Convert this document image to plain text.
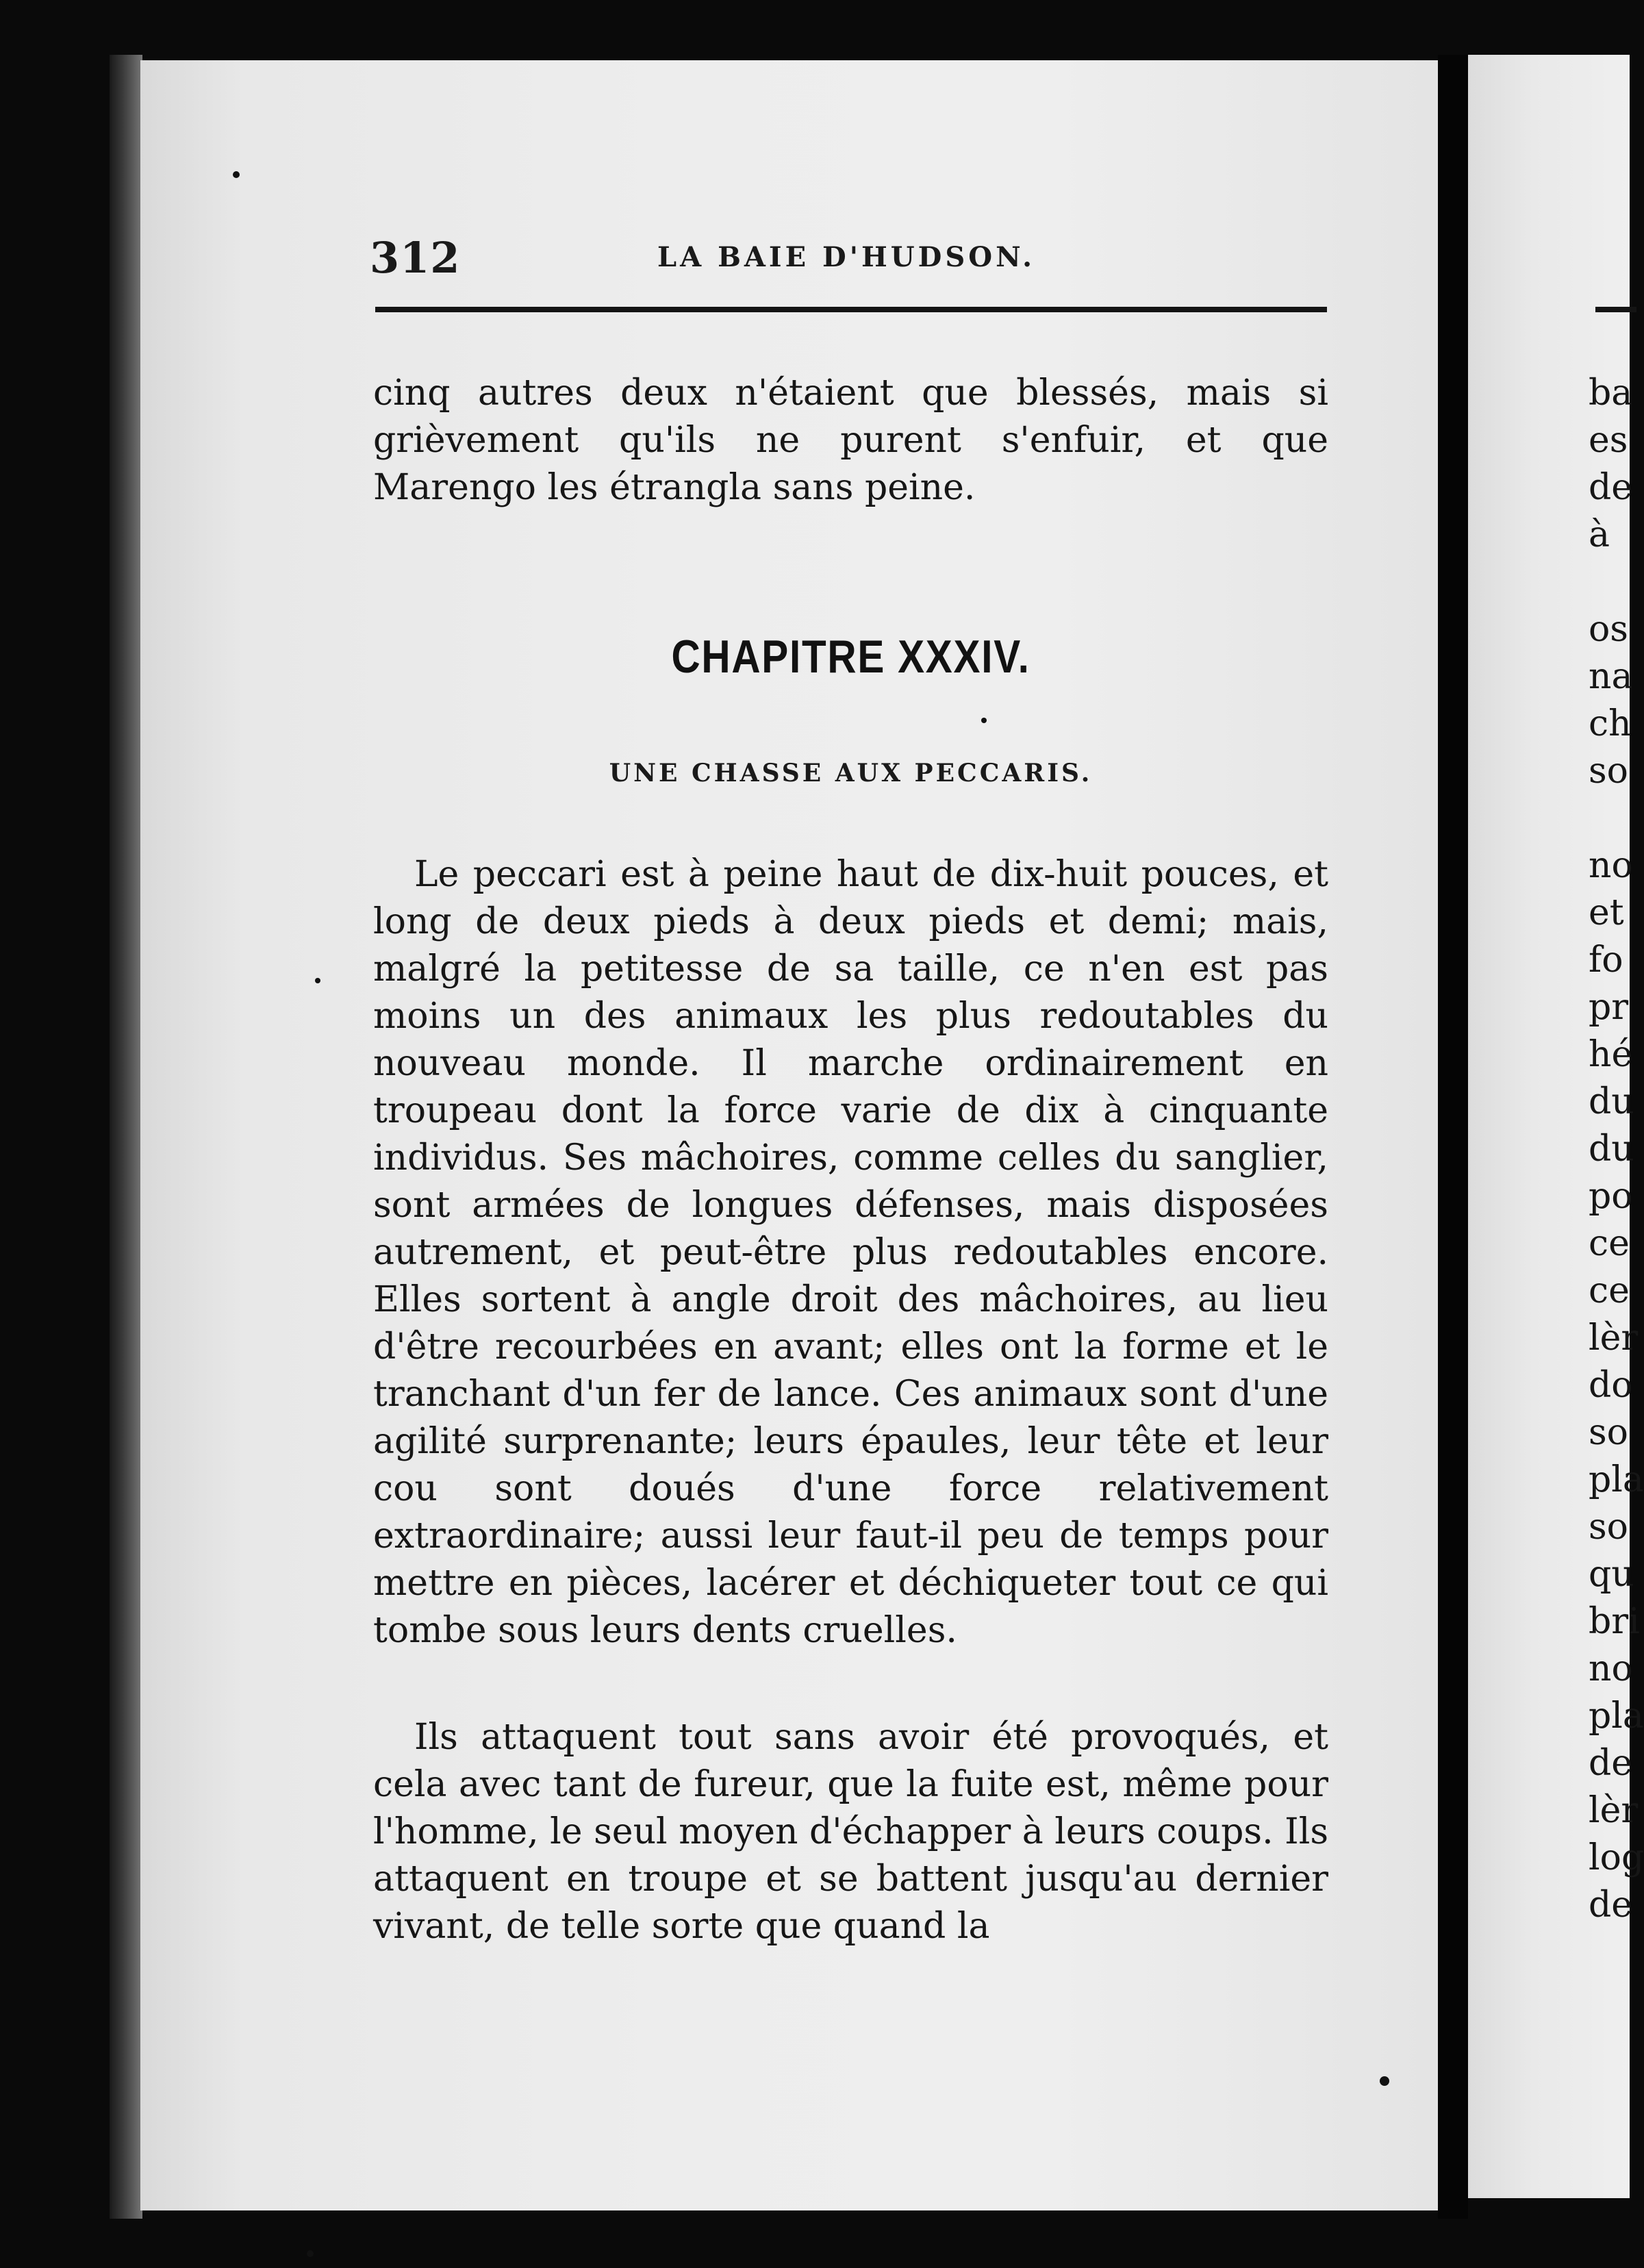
312	LA BAIE D'HUDSON.
cinq autres deux n'étaient que blessés, mais si grièvement qu'ils ne purent s'enfuir, et que Marengo les étrangla sans peine.
CHAPITRE XXXIV.
UNE CHASSE AUX PECCARIS.
Le peccari est à peine haut de dix-huit pouces, et long de deux pieds à deux pieds et demi; mais, malgré la petitesse de sa taille, ce n'en est pas moins un des animaux les plus redoutables du nouveau monde. Il marche ordinairement en troupeau dont la force varie de dix à cinquante individus. Ses mâchoires, comme celles du sanglier, sont armées de longues défenses, mais disposées autrement, et peut-être plus redoutables encore. Elles sortent à angle droit des mâchoires, au lieu d'être recourbées en avant; elles ont la forme et le tranchant d'un fer de lance. Ces animaux sont d'une agilité surprenante; leurs épaules, leur tête et leur cou sont doués d'une force relativement extraordinaire; aussi leur faut-il peu de temps pour mettre en pièces, lacérer et déchiqueter tout ce qui tombe sous leurs dents cruelles.
Ils attaquent tout sans avoir été provoqués, et cela avec tant de fureur, que la fuite est, même pour l'homme, le seul moyen d'échapper à leurs coups. Ils attaquent en troupe et se battent jusqu'au dernier vivant, de telle sorte que quand la
ba
es
de
à

os
na
ch
so

no
et
fo
pr
hé
du
du
po
ce
ce
lèr
do
so
pla
so
qu
bri
no
pla
de
lèr
log
de
